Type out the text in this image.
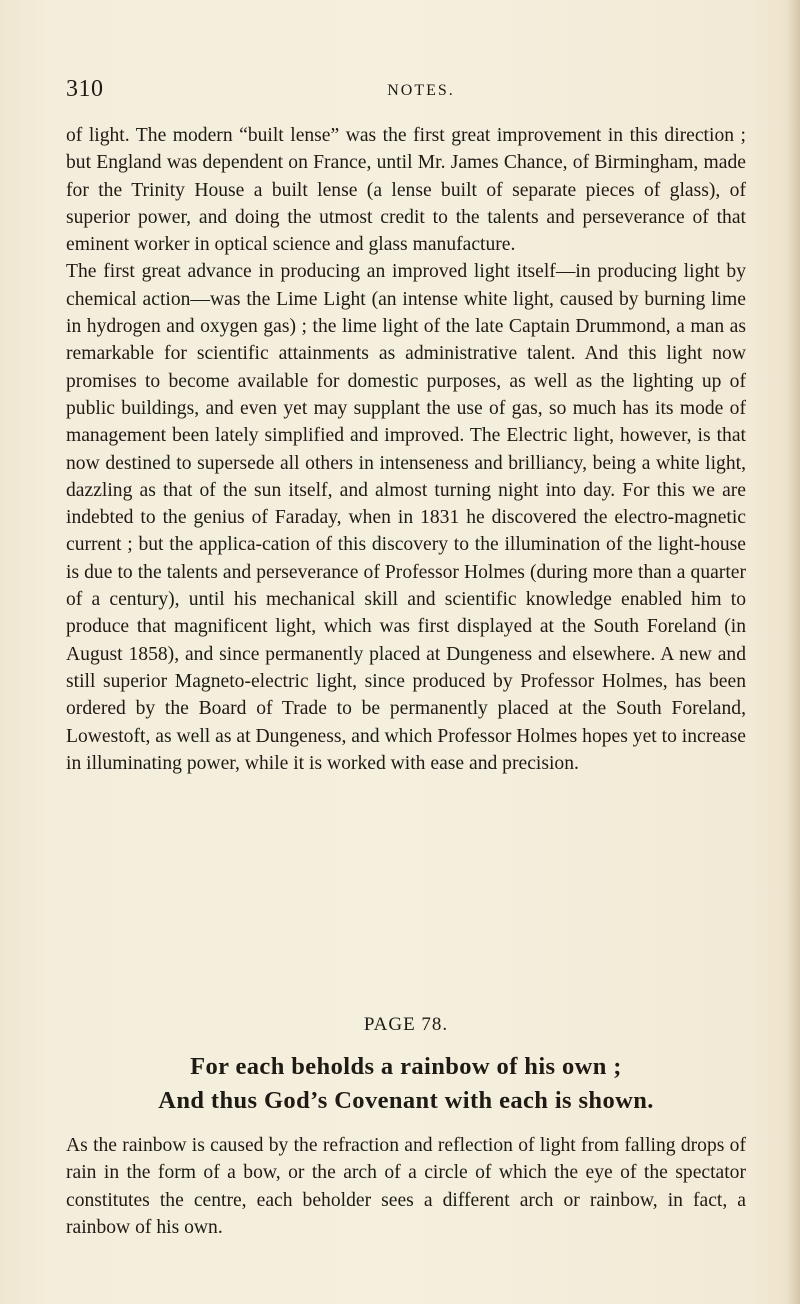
310	NOTES.

of light. The modern “built lense” was the first great improvement in this direction ; but England was dependent on France, until Mr. James Chance, of Birmingham, made for the Trinity House a built lense (a lense built of separate pieces of glass), of superior power, and doing the utmost credit to the talents and perseverance of that eminent worker in optical science and glass manufacture.

The first great advance in producing an improved light itself—in producing light by chemical action—was the Lime Light (an intense white light, caused by burning lime in hydrogen and oxygen gas) ; the lime light of the late Captain Drummond, a man as remarkable for scientific attainments as administrative talent. And this light now promises to become available for domestic purposes, as well as the lighting up of public buildings, and even yet may supplant the use of gas, so much has its mode of management been lately simplified and improved. The Electric light, however, is that now destined to supersede all others in intenseness and brilliancy, being a white light, dazzling as that of the sun itself, and almost turning night into day. For this we are indebted to the genius of Faraday, when in 1831 he discovered the electro-magnetic current ; but the applica-cation of this discovery to the illumination of the light-house is due to the talents and perseverance of Professor Holmes (during more than a quarter of a century), until his mechanical skill and scientific knowledge enabled him to produce that magnificent light, which was first displayed at the South Foreland (in August 1858), and since permanently placed at Dungeness and elsewhere. A new and still superior Magneto-electric light, since produced by Professor Holmes, has been ordered by the Board of Trade to be permanently placed at the South Foreland, Lowestoft, as well as at Dungeness, and which Professor Holmes hopes yet to increase in illuminating power, while it is worked with ease and precision.

PAGE 78.
For each beholds a rainbow of his own ;
And thus God’s Covenant with each is shown.

As the rainbow is caused by the refraction and reflection of light from falling drops of rain in the form of a bow, or the arch of a circle of which the eye of the spectator constitutes the centre, each beholder sees a different arch or rainbow, in fact, a rainbow of his own.
